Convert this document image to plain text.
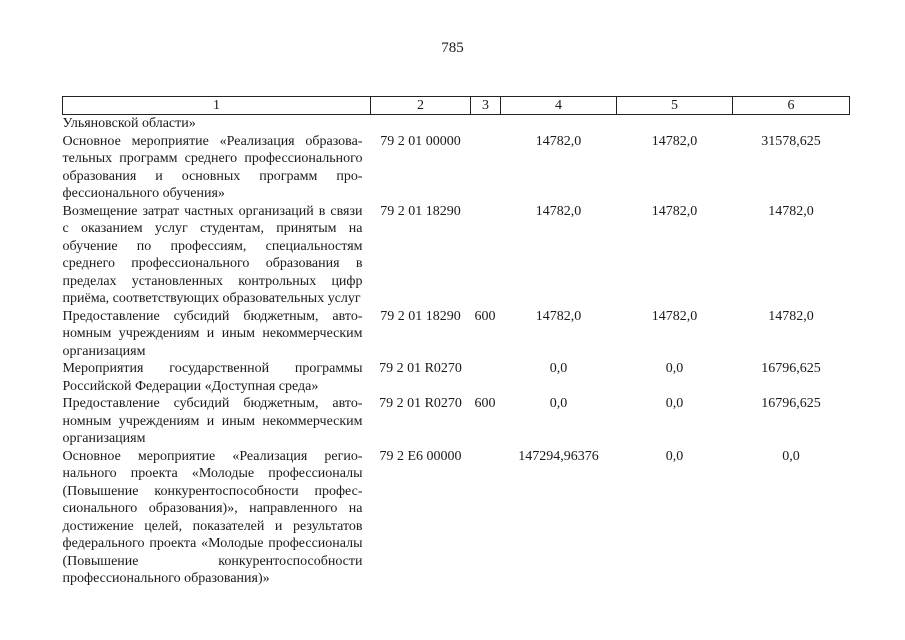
785
1	2	3	4	5	6
Ульяновской области»					
Основное мероприятие «Реализация образовательных программ среднего профессионального образования и основных программ профессионального обучения»	79 2 01 00000		14782,0	14782,0	31578,625
Возмещение затрат частных организаций в связи с оказанием услуг студентам, принятым на обучение по профессиям, специальностям среднего профессионального образования в пределах установленных контрольных цифр приёма, соответствующих образовательных услуг	79 2 01 18290		14782,0	14782,0	14782,0
Предоставление субсидий бюджетным, автономным учреждениям и иным некоммерческим организациям	79 2 01 18290	600	14782,0	14782,0	14782,0
Мероприятия государственной программы Российской Федерации «Доступная среда»	79 2 01 R0270		0,0	0,0	16796,625
Предоставление субсидий бюджетным, автономным учреждениям и иным некоммерческим организациям	79 2 01 R0270	600	0,0	0,0	16796,625
Основное мероприятие «Реализация регионального проекта «Молодые профессионалы (Повышение конкурентоспособности профессионального образования)», направленного на достижение целей, показателей и результатов федерального проекта «Молодые профессионалы (Повышение конкурентоспособности профессионального образования)»	79 2 E6 00000		147294,96376	0,0	0,0
